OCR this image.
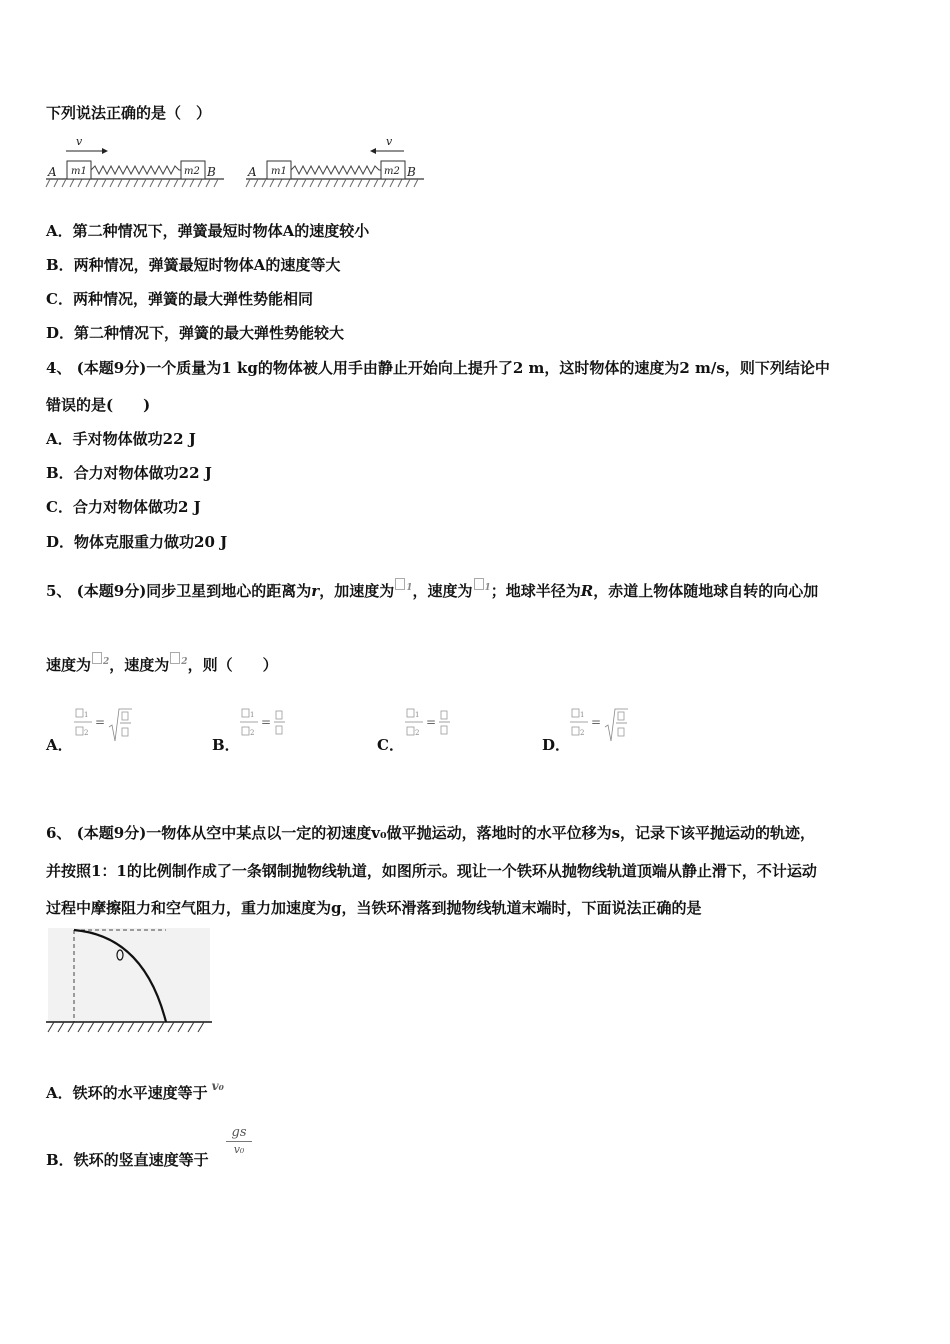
下列说法正确的是（　）
A m1	m2 B
v
A m1	m2 B
v
A．第二种情况下，弹簧最短时物体A的速度较小
B．两种情况，弹簧最短时物体A的速度等大
C．两种情况，弹簧的最大弹性势能相同
D．第二种情况下，弹簧的最大弹性势能较大
4、 (本题9分)一个质量为1 kg的物体被人用手由静止开始向上提升了2 m，这时物体的速度为2 m/s，则下列结论中
错误的是(　　)
A．手对物体做功22 J
B．合力对物体做功22 J
C．合力对物体做功2 J
D．物体克服重力做功20 J
5、 (本题9分)同步卫星到地心的距离为r，加速度为 $^1$，速度为 $^1$；地球半径为R，赤道上物体随地球自转的向心加
速度为 $^2$，速度为 $^2$，则（　　）
A．
1
2
=
B．
1
2
=
C．
1
2
=
D．
1
2
=
6、 (本题9分)一物体从空中某点以一定的初速度v₀做平抛运动，落地时的水平位移为s，记录下该平抛运动的轨迹，
并按照1：1的比例制作成了一条钢制抛物线轨道，如图所示。现让一个铁环从抛物线轨道顶端从静止滑下，不计运动
过程中摩擦阻力和空气阻力，重力加速度为g，当铁环滑落到抛物线轨道末端时，下面说法正确的是
A．铁环的水平速度等于 $^{v_0}$
B．铁环的竖直速度等于
gs
v₀
